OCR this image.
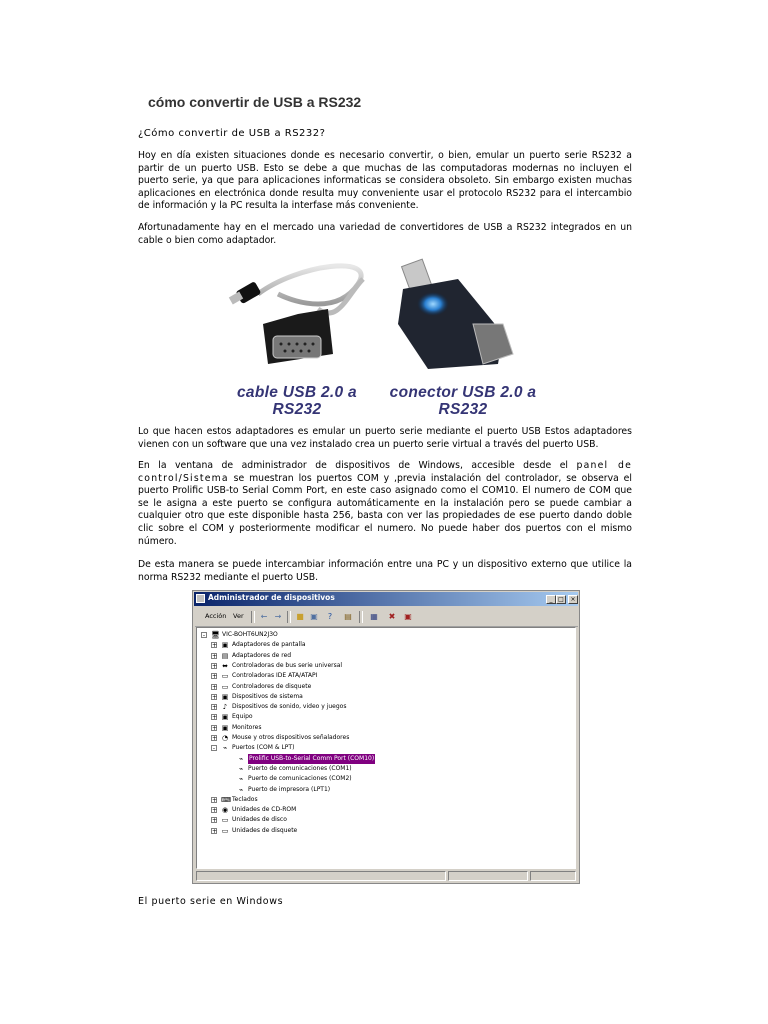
cómo convertir de USB a RS232
¿Cómo convertir de USB a RS232?
Hoy en día existen situaciones donde es necesario convertir, o bien, emular un puerto serie RS232 a partir de un puerto USB. Esto se debe a que muchas de las computadoras modernas no incluyen el puerto serie, ya que para aplicaciones informaticas se considera obsoleto. Sin embargo existen muchas aplicaciones en electrónica donde resulta muy conveniente usar el protocolo RS232 para el intercambio de información y la PC resulta la interfase más conveniente.
Afortunadamente hay en el mercado una variedad de convertidores de USB a RS232 integrados en un cable o bien como adaptador.
cable USB 2.0 a RS232
conector USB 2.0 a RS232
Lo que hacen estos adaptadores es emular un puerto serie mediante el puerto USB Estos adaptadores vienen con un software que una vez instalado crea un puerto serie virtual a través del puerto USB.
En la ventana de administrador de dispositivos de Windows, accesible desde el panel de control/Sistema se muestran los puertos COM y ,previa instalación del controlador, se observa el puerto Prolific USB-to Serial Comm Port, en este caso asignado como el COM10. El numero de COM que se le asigna a este puerto se configura automáticamente en la instalación pero se puede cambiar a cualquier otro que este disponible hasta 256, basta con ver las propiedades de ese puerto dando doble clic sobre el COM y posteriormente modificar el numero. No puede haber dos puertos con el mismo número.
De esta manera se puede intercambiar información entre una PC y un dispositivo externo que utilice la norma RS232 mediante el puerto USB.
Administrador de dispositivos	_ □	×
Acción Ver ← → ■ ▣	?	▤ ▦ ✖ ▣
- 🖥 VIC-BOHT6UN2J3O
+ ▣ Adaptadores de pantalla
+ ▤ Adaptadores de red
+ ⬌ Controladoras de bus serie universal
+ ▭ Controladoras IDE ATA/ATAPI
+ ▭ Controladores de disquete
+ ▣ Dispositivos de sistema
+ ♪ Dispositivos de sonido, video y juegos
+ ▣ Equipo
+ ▣ Monitores
+ ◔ Mouse y otros dispositivos señaladores
- ⌁ Puertos (COM & LPT)
⌁ Prolific USB-to-Serial Comm Port (COM10)
⌁ Puerto de comunicaciones (COM1)
⌁ Puerto de comunicaciones (COM2)
⌁ Puerto de impresora (LPT1)
+ ⌨ Teclados
+ ◉ Unidades de CD-ROM
+ ▭ Unidades de disco
+ ▭ Unidades de disquete
El puerto serie en Windows
